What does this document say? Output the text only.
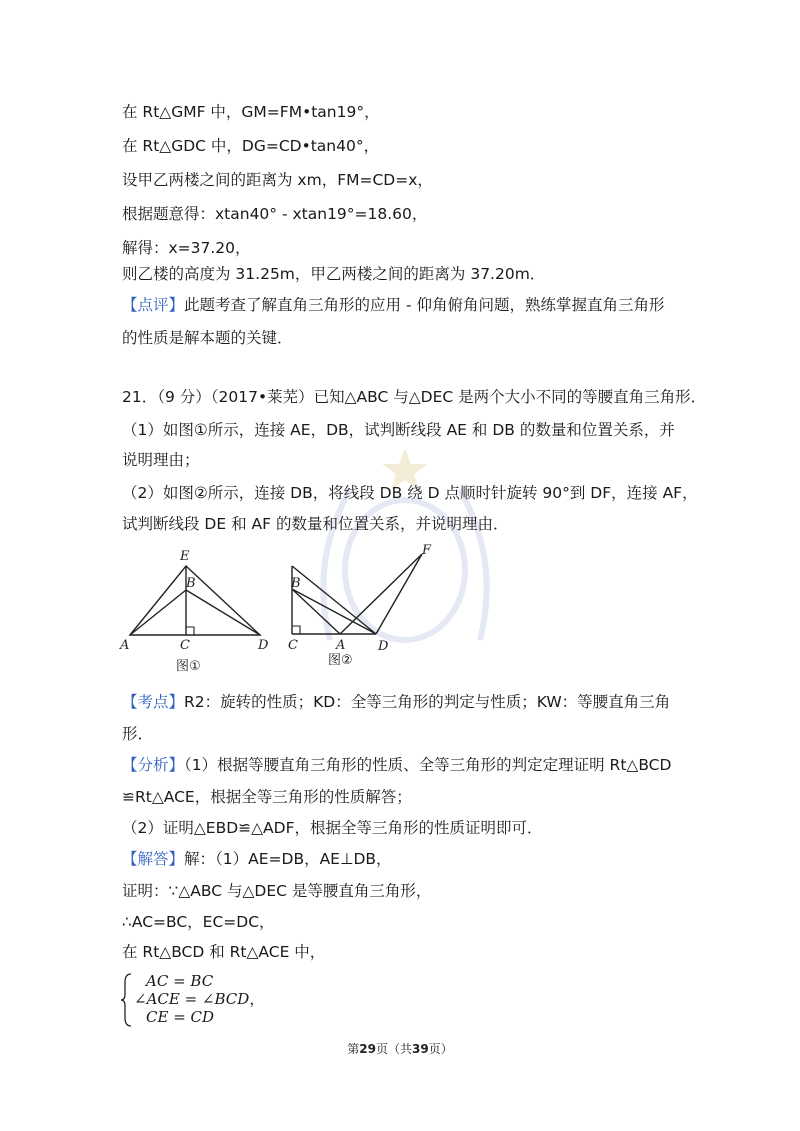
在 Rt△GMF 中，GM=FM•tan19°，
在 Rt△GDC 中，DG=CD•tan40°，
设甲乙两楼之间的距离为 xm，FM=CD=x，
根据题意得：xtan40° - xtan19°=18.60，
解得：x=37.20，
则乙楼的高度为 31.25m，甲乙两楼之间的距离为 37.20m．
【点评】此题考查了解直角三角形的应用 - 仰角俯角问题，熟练掌握直角三角形
的性质是解本题的关键．
21．（9 分）（2017•莱芜）已知△ABC 与△DEC 是两个大小不同的等腰直角三角形．
（1）如图①所示，连接 AE，DB，试判断线段 AE 和 DB 的数量和位置关系，并
说明理由；
（2）如图②所示，连接 DB，将线段 DB 绕 D 点顺时针旋转 90°到 DF，连接 AF，
试判断线段 DE 和 AF 的数量和位置关系，并说明理由．
【考点】R2：旋转的性质；KD：全等三角形的判定与性质；KW：等腰直角三角
形．
【分析】（1）根据等腰直角三角形的性质、全等三角形的判定定理证明 Rt△BCD
≌Rt△ACE，根据全等三角形的性质解答；
（2）证明△EBD≌△ADF，根据全等三角形的性质证明即可．
【解答】解：（1）AE=DB，AE⊥DB，
证明：∵△ABC 与△DEC 是等腰直角三角形，
∴AC=BC，EC=DC，
在 Rt△BCD 和 Rt△ACE 中，
E
B
A	C	D
图①
F
B
C	A	D
图②
AC = BC
∠ACE = ∠BCD，
CE = CD
第29页（共39页）
